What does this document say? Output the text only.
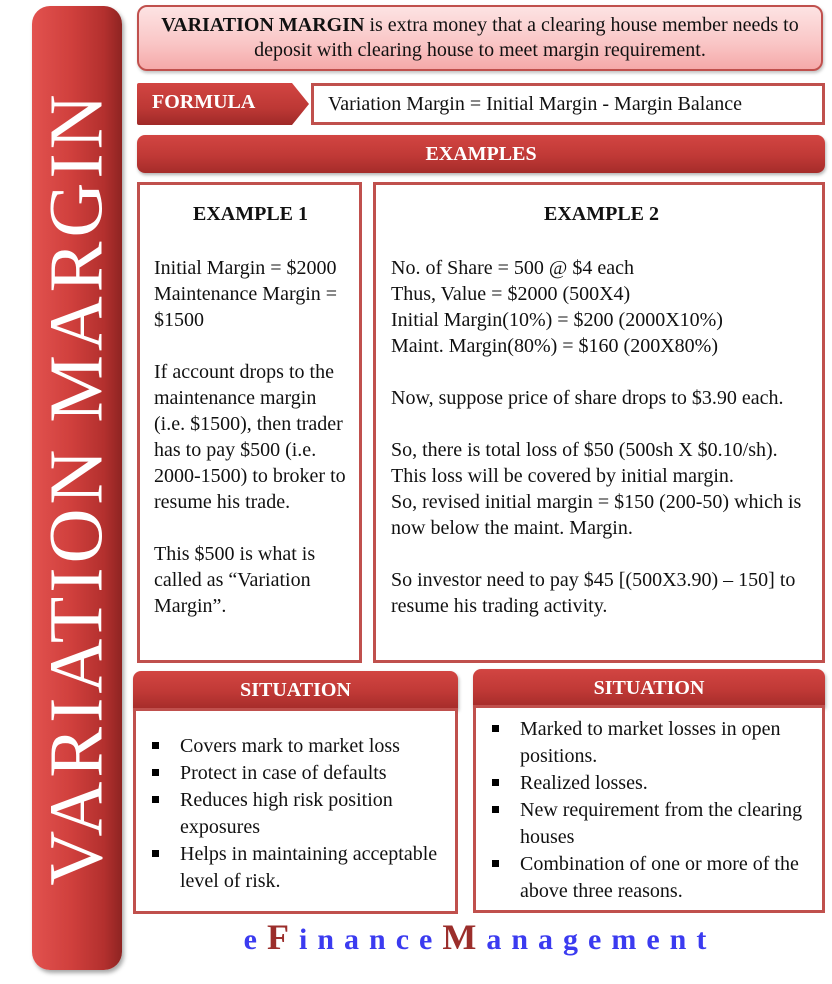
VARIATION MARGIN
VARIATION MARGIN is extra money that a clearing house member needs to deposit with clearing house to meet margin requirement.
FORMULA	Variation Margin = Initial Margin - Margin Balance
EXAMPLES
EXAMPLE 1

Initial Margin = $2000 Maintenance Margin = $1500

If account drops to the maintenance margin (i.e. $1500), then trader has to pay $500 (i.e. 2000-1500) to broker to resume his trade.

This $500 is what is called as “Variation Margin”.

EXAMPLE 2

No. of Share = 500 @ $4 each
Thus, Value = $2000 (500X4)
Initial Margin(10%) = $200 (2000X10%)
Maint. Margin(80%) = $160 (200X80%)

Now, suppose price of share drops to $3.90 each.

So, there is total loss of $50 (500sh X $0.10/sh).
This loss will be covered by initial margin.
So, revised initial margin = $150 (200-50) which is now below the maint. Margin.

So investor need to pay $45 [(500X3.90) – 150] to resume his trading activity.

SITUATION
Covers mark to market loss
Protect in case of defaults
Reduces high risk position exposures
Helps in maintaining acceptable level of risk.
SITUATION
Marked to market losses in open positions.
Realized losses.
New requirement from the clearing houses
Combination of one or more of the above three reasons.
eFinanceManagement
